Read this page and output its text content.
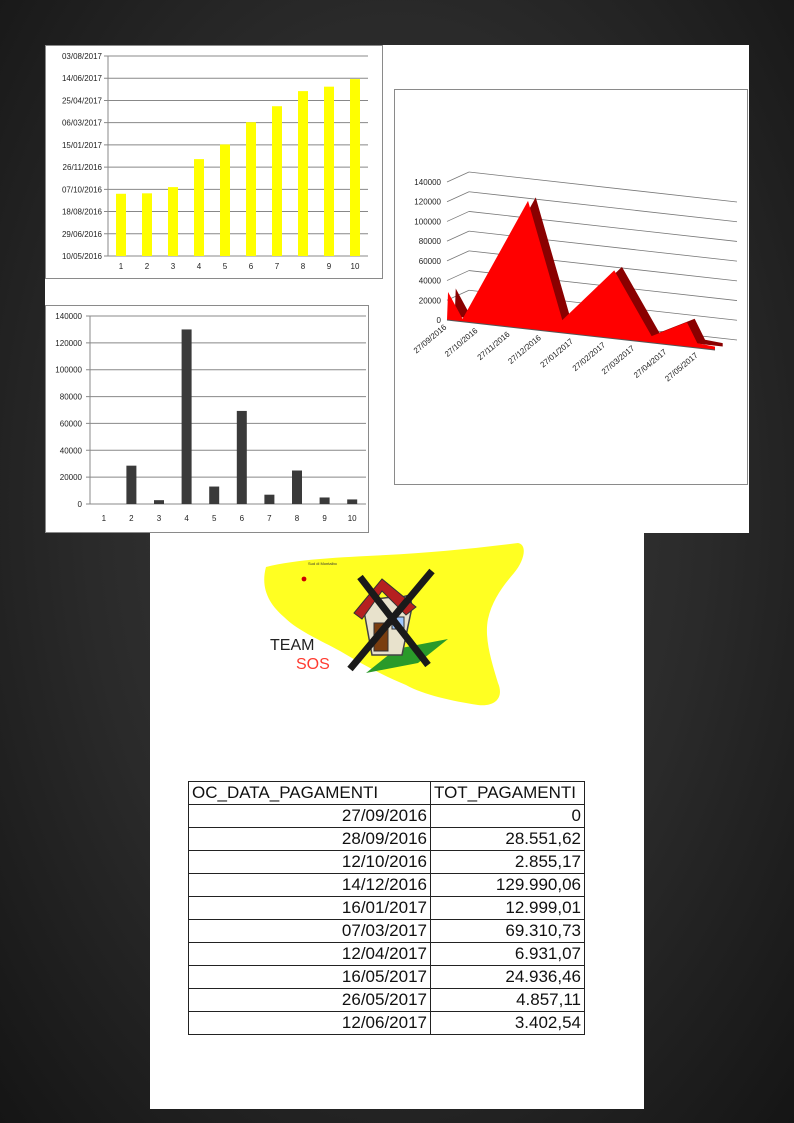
10/05/2016
29/06/2016
18/08/2016
07/10/2016
26/11/2016
15/01/2017
06/03/2017
25/04/2017
14/06/2017
03/08/2017
1	2	3	4	5	6	7	8	9 10
0
20000
40000
60000
80000
100000
120000
140000
1	2	3	4	5	6	7	8	9	10
0
20000
40000
60000
80000
100000
120000
140000
27/09/2016
27/10/2016
27/11/2016
27/12/2016
27/01/2017
27/02/2017
27/03/2017
27/04/2017
27/05/2017
Sud di Montalbo
TEAM
SOS
OC_DATA_PAGAMENTI	TOT_PAGAMENTI
27/09/2016	0
28/09/2016	28.551,62
12/10/2016	2.855,17
14/12/2016	129.990,06
16/01/2017	12.999,01
07/03/2017	69.310,73
12/04/2017	6.931,07
16/05/2017	24.936,46
26/05/2017	4.857,11
12/06/2017	3.402,54
